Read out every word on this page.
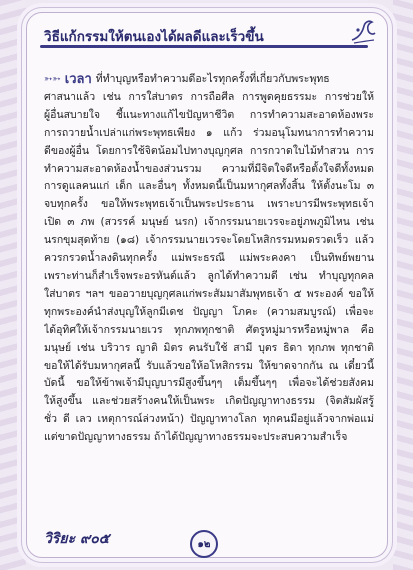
วิธีแก้กรรมให้ตนเองได้ผลดีและเร็วขึ้น
➳➳ เวลา ที่ทำบุญหรือทำความดีอะไรทุกครั้งที่เกี่ยวกับพระพุทธ
ศาสนาแล้ว เช่น การใส่บาตร การถือศีล การพูดคุยธรรมะ การช่วยให้
ผู้อื่นสบายใจ ชี้แนะทางแก้ไขปัญหาชีวิต การทำความสะอาดห้องพระ
การถวายน้ำเปล่าแก่พระพุทธเพียง ๑ แก้ว ร่วมอนุโมทนาการทำความ
ดีของผู้อื่น โดยการใช้จิตน้อมไปทางบุญกุศล การกวาดใบไม้ทำสวน การ
ทำความสะอาดห้องน้ำของส่วนรวม ความที่มีจิตใจดีหรือตั้งใจดีทั้งหมด
การดูแลคนแก่ เด็ก และอื่นๆ ทั้งหมดนี้เป็นมหากุศลทั้งสิ้น ให้ตั้งนะโม ๓
จบทุกครั้ง ขอให้พระพุทธเจ้าเป็นพระประธาน เพราะบารมีพระพุทธเจ้า
เปิด ๓ ภพ (สวรรค์ มนุษย์ นรก) เจ้ากรรมนายเวรจะอยู่ภพภูมิไหน เช่น
นรกขุมสุดท้าย (๑๘) เจ้ากรรมนายเวรจะโดยโหสิกรรมหมดรวดเร็ว แล้ว
ควรกรวดน้ำลงดินทุกครั้ง แม่พระธรณี แม่พระคงคา เป็นทิพย์พยาน
เพราะท่านก็สำเร็จพระอรหันต์แล้ว ลูกได้ทำความดี เช่น ทำบุญทุกคล
ใส่บาตร ฯลฯ ขออวายบุญกุศลแก่พระสัมมาสัมพุทธเจ้า ๕ พระองค์ ขอให้
ทุกพระองค์นำส่งบุญให้ลูกมีเดช ปัญญา โภคะ (ความสมบูรณ์) เพื่อจะ
ได้อุทิศให้เจ้ากรรมนายเวร ทุกภพทุกชาติ ศัตรูหมู่มารหรือหมู่พาล คือ
มนุษย์ เช่น บริวาร ญาติ มิตร คนรับใช้ สามี บุตร ธิดา ทุกภพ ทุกชาติ
ขอให้ได้รับมหากุศลนี้ รับแล้วขอให้อโหสิกรรม ให้ขาดจากกัน ณ เดี๋ยวนี้
บัดนี้ ขอให้ข้าพเจ้ามีบุญบารมีสูงขึ้นๆๆ เต็มขึ้นๆๆ เพื่อจะได้ช่วยสังคม
ให้สูงขึ้น และช่วยสร้างคนให้เป็นพระ เกิดปัญญาทางธรรม (จิตสัมผัสรู้
ชั่ว ดี เลว เหตุการณ์ล่วงหน้า) ปัญญาทางโลก ทุกคนมีอยู่แล้วจากพ่อแม่
แต่ขาดปัญญาทางธรรม ถ้าได้ปัญญาทางธรรมจะประสบความสำเร็จ
วิริยะ ๙๐๕	๑๒
